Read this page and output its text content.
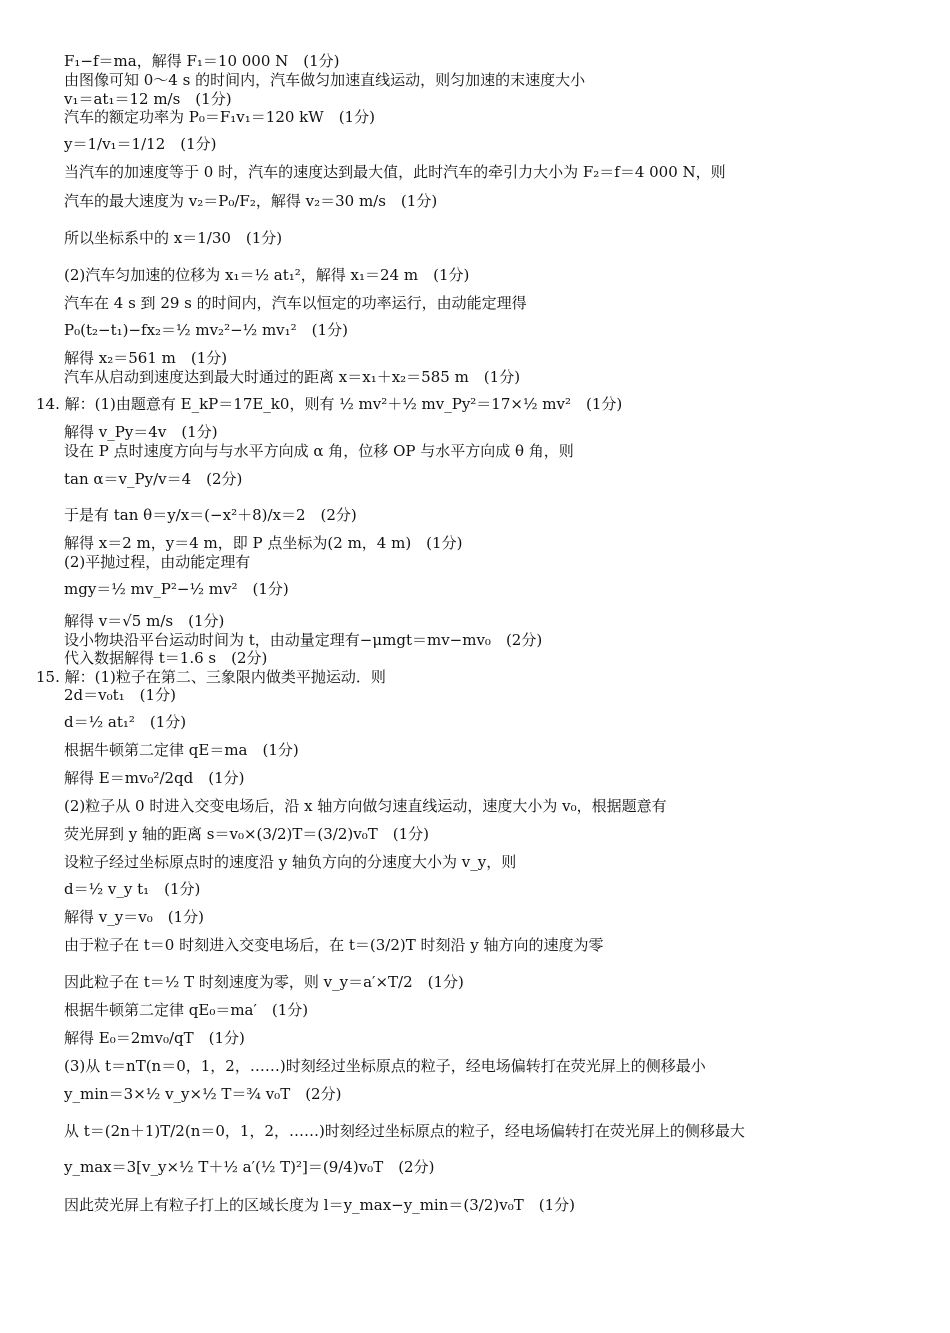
F₁−f＝ma，解得 F₁＝10 000 N　(1分)
由图像可知 0～4 s 的时间内，汽车做匀加速直线运动，则匀加速的末速度大小
v₁＝at₁＝12 m/s　(1分)
汽车的额定功率为 P₀＝F₁v₁＝120 kW　(1分)
y＝1/v₁＝1/12　(1分)
当汽车的加速度等于 0 时，汽车的速度达到最大值，此时汽车的牵引力大小为 F₂＝f＝4 000 N，则
汽车的最大速度为 v₂＝P₀/F₂，解得 v₂＝30 m/s　(1分)
所以坐标系中的 x＝1/30　(1分)
(2)汽车匀加速的位移为 x₁＝½ at₁²，解得 x₁＝24 m　(1分)
汽车在 4 s 到 29 s 的时间内，汽车以恒定的功率运行，由动能定理得
P₀(t₂−t₁)−fx₂＝½ mv₂²−½ mv₁²　(1分)
解得 x₂＝561 m　(1分)
汽车从启动到速度达到最大时通过的距离 x＝x₁＋x₂＝585 m　(1分)
14. 解：(1)由题意有 E_kP＝17E_k0，则有 ½ mv²＋½ mv_Py²＝17×½ mv²　(1分)
解得 v_Py＝4v　(1分)
设在 P 点时速度方向与与水平方向成 α 角，位移 OP 与水平方向成 θ 角，则
tan α＝v_Py/v＝4　(2分)
于是有 tan θ＝y/x＝(−x²＋8)/x＝2　(2分)
解得 x＝2 m，y＝4 m，即 P 点坐标为(2 m，4 m)　(1分)
(2)平抛过程，由动能定理有
mgy＝½ mv_P²−½ mv²　(1分)
解得 v＝√5 m/s　(1分)
设小物块沿平台运动时间为 t，由动量定理有−μmgt＝mv−mv₀　(2分)
代入数据解得 t＝1.6 s　(2分)
15. 解：(1)粒子在第二、三象限内做类平抛运动．则
2d＝v₀t₁　(1分)
d＝½ at₁²　(1分)
根据牛顿第二定律 qE＝ma　(1分)
解得 E＝mv₀²/2qd　(1分)
(2)粒子从 0 时进入交变电场后，沿 x 轴方向做匀速直线运动，速度大小为 v₀，根据题意有
荧光屏到 y 轴的距离 s＝v₀×(3/2)T＝(3/2)v₀T　(1分)
设粒子经过坐标原点时的速度沿 y 轴负方向的分速度大小为 v_y，则
d＝½ v_y t₁　(1分)
解得 v_y＝v₀　(1分)
由于粒子在 t＝0 时刻进入交变电场后，在 t＝(3/2)T 时刻沿 y 轴方向的速度为零
因此粒子在 t＝½ T 时刻速度为零，则 v_y＝a′×T/2　(1分)
根据牛顿第二定律 qE₀＝ma′　(1分)
解得 E₀＝2mv₀/qT　(1分)
(3)从 t＝nT(n＝0，1，2，……)时刻经过坐标原点的粒子，经电场偏转打在荧光屏上的侧移最小
y_min＝3×½ v_y×½ T＝¾ v₀T　(2分)
从 t＝(2n＋1)T/2(n＝0，1，2，……)时刻经过坐标原点的粒子，经电场偏转打在荧光屏上的侧移最大
y_max＝3[v_y×½ T＋½ a′(½ T)²]＝(9/4)v₀T　(2分)
因此荧光屏上有粒子打上的区域长度为 l＝y_max−y_min＝(3/2)v₀T　(1分)
